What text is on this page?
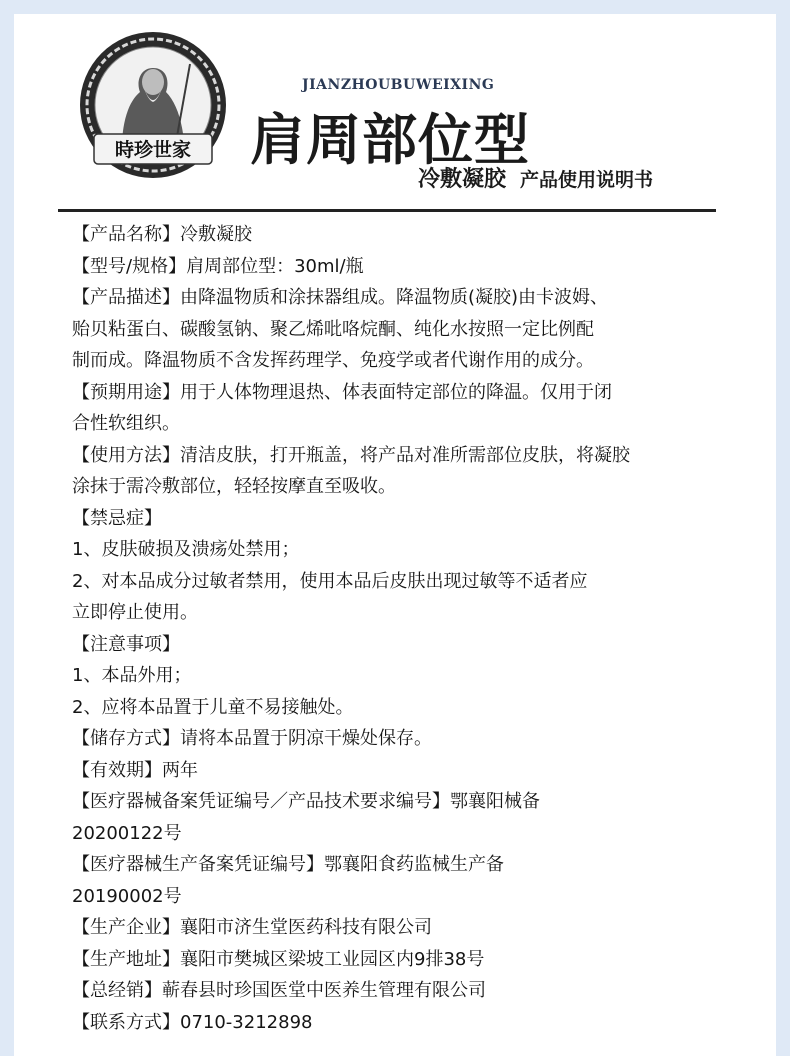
時珍世家
JIANZHOUBUWEIXING
肩周部位型
冷敷凝胶 产品使用说明书

【产品名称】冷敷凝胶

【型号/规格】肩周部位型：30ml/瓶

【产品描述】由降温物质和涂抹器组成。降温物质(凝胶)由卡波姆、

贻贝粘蛋白、碳酸氢钠、聚乙烯吡咯烷酮、纯化水按照一定比例配

制而成。降温物质不含发挥药理学、免疫学或者代谢作用的成分。

【预期用途】用于人体物理退热、体表面特定部位的降温。仅用于闭

合性软组织。

【使用方法】清洁皮肤，打开瓶盖，将产品对准所需部位皮肤，将凝胶

涂抹于需冷敷部位，轻轻按摩直至吸收。

【禁忌症】

1、皮肤破损及溃疡处禁用；

2、对本品成分过敏者禁用，使用本品后皮肤出现过敏等不适者应

立即停止使用。

【注意事项】

1、本品外用；

2、应将本品置于儿童不易接触处。

【储存方式】请将本品置于阴凉干燥处保存。

【有效期】两年

【医疗器械备案凭证编号／产品技术要求编号】鄂襄阳械备

20200122号

【医疗器械生产备案凭证编号】鄂襄阳食药监械生产备

20190002号

【生产企业】襄阳市济生堂医药科技有限公司

【生产地址】襄阳市樊城区梁坡工业园区内9排38号

【总经销】蕲春县时珍国医堂中医养生管理有限公司

【联系方式】0710-3212898
